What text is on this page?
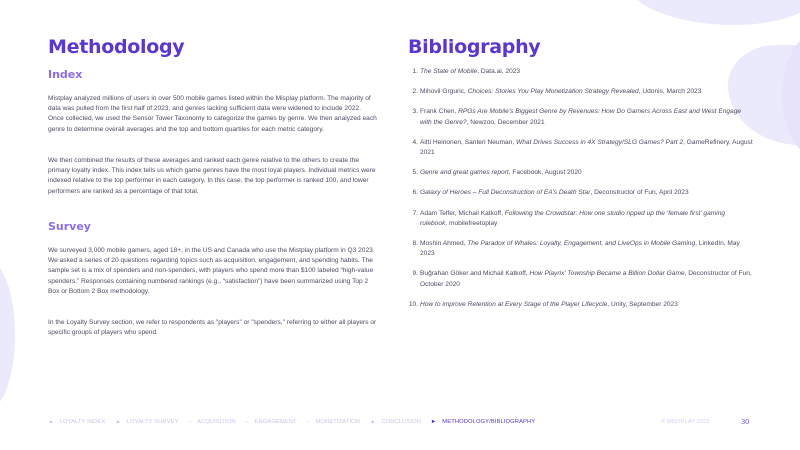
Methodology
Index

Mistplay analyzed millions of users in over 500 mobile games listed within the Misplay platform. The majority of data was pulled from the first half of 2023, and genres lacking sufficient data were widened to include 2022. Once collected, we used the Sensor Tower Taxonomy to categorize the games by genre. We then analyzed each genre to determine overall averages and the top and bottom quartiles for each metric category.

We then combined the results of these averages and ranked each genre relative to the others to create the primary loyalty index. This index tells us which game genres have the most loyal players. Individual metrics were indexed relative to the top performer in each category. In this case, the top performer is ranked 100, and lower performers are ranked as a percentage of that total.

Survey

We surveyed 3,000 mobile gamers, aged 18+, in the US and Canada who use the Mistplay platform in Q3 2023. We asked a series of 20 questions regarding topics such as acquisition, engagement, and spending habits. The sample set is a mix of spenders and non-spenders, with players who spend more than $100 labeled “high-value spenders.” Responses containing numbered rankings (e.g., “satisfaction”) have been summarized using Top 2 Box or Bottom 2 Box methodology.

In the Loyalty Survey section, we refer to respondents as "players" or "spenders," referring to either all players or specific groups of players who spend.

Bibliography
1. The State of Mobile, Data.ai, 2023
2. Mihovil Grguric, Choices: Stories You Play Monetization Strategy Revealed, Udonis, March 2023
3. Frank Chen, RPGs Are Mobile’s Biggest Genre by Revenues: How Do Gamers Across East and West Engage with the Genre?, Newzoo, December 2021
4. Aitti Heinonen, Santeri Neuman, What Drives Success in 4X Strategy/SLG Games? Part 2, GameRefinery, August 2021
5. Genre and great games report, Facebook, August 2020
6. Galaxy of Heroes – Full Deconstruction of EA’s Death Star, Deconstructor of Fun, April 2023
7. Adam Telfer, Michail Katkoff, Following the Crowdstar: How one studio ripped up the ‘female first’ gaming rulebook, mobilefreetoplay
8. Moshin Ahmed, The Paradox of Whales: Loyalty, Engagement, and LiveOps in Mobile Gaming, LinkedIn, May 2023
9. Buğrahan Göker and Michail Katkoff, How Playrix’ Township Became a Billion Dollar Game, Deconstructor of Fun, October 2020
10. How to improve Retention at Every Stage of the Player Lifecycle, Unity, September 2023
▲ LOYALTY INDEX ▲ LOYALTY SURVEY – ACQUISITION – ENGAGEMENT – MONETIZATION ▲ CONCLUSION ► METHODOLOGY/BIBLIOGRAPHY	© MISTPLAY 2023	30
